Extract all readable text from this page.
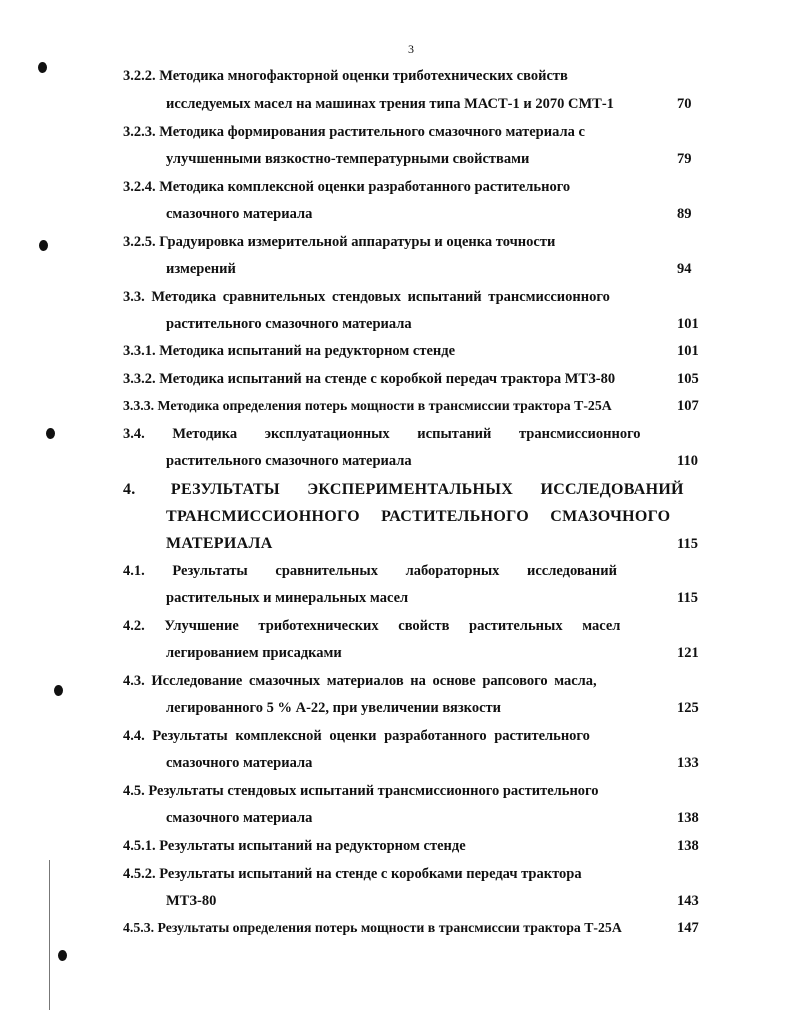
3
3.2.2. Методика многофакторной оценки триботехнических свойств
исследуемых масел на машинах трения типа МАСТ-1 и 2070 СМТ-1	70
3.2.3. Методика формирования растительного смазочного материала с
улучшенными вязкостно-температурными свойствами	79
3.2.4. Методика комплексной оценки разработанного растительного
смазочного материала	89
3.2.5. Градуировка измерительной аппаратуры и оценка точности
измерений	94
3.3. Методика сравнительных стендовых испытаний трансмиссионного
растительного смазочного материала	101
3.3.1. Методика испытаний на редукторном стенде	101
3.3.2. Методика испытаний на стенде с коробкой передач трактора МТЗ-80	105
3.3.3. Методика определения потерь мощности в трансмиссии трактора Т-25А	107
3.4. Методика эксплуатационных испытаний трансмиссионного
растительного смазочного материала	110
4. РЕЗУЛЬТАТЫ ЭКСПЕРИМЕНТАЛЬНЫХ ИССЛЕДОВАНИЙ
ТРАНСМИССИОННОГО РАСТИТЕЛЬНОГО СМАЗОЧНОГО
МАТЕРИАЛА	115
4.1. Результаты сравнительных лабораторных исследований
растительных и минеральных масел	115
4.2. Улучшение триботехнических свойств растительных масел
легированием присадками	121
4.3. Исследование смазочных материалов на основе рапсового масла,
легированного 5 % А-22, при увеличении вязкости	125
4.4. Результаты комплексной оценки разработанного растительного
смазочного материала	133
4.5. Результаты стендовых испытаний трансмиссионного растительного
смазочного материала	138
4.5.1. Результаты испытаний на редукторном стенде	138
4.5.2. Результаты испытаний на стенде с коробками передач трактора
МТЗ-80	143
4.5.3. Результаты определения потерь мощности в трансмиссии трактора Т-25А	147
